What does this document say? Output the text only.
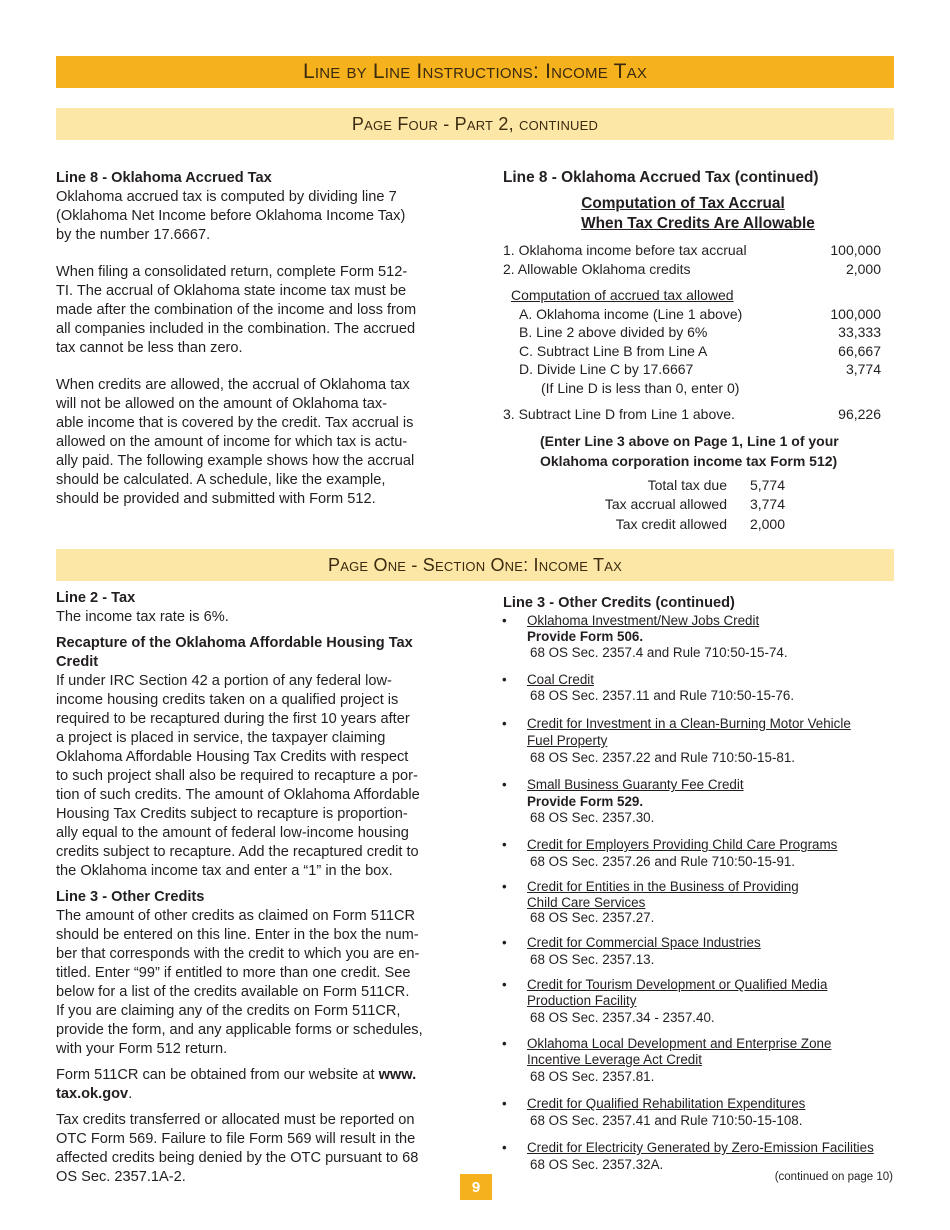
Line by Line Instructions: Income Tax
Page Four - Part 2, continued
Page One - Section One: Income Tax

Line 8 - Oklahoma Accrued Tax

Oklahoma accrued tax is computed by dividing line 7

(Oklahoma Net Income before Oklahoma Income Tax)

by the number 17.6667.

When filing a consolidated return, complete Form 512-

TI. The accrual of Oklahoma state income tax must be

made after the combination of the income and loss from

all companies included in the combination. The accrued

tax cannot be less than zero.

When credits are allowed, the accrual of Oklahoma tax

will not be allowed on the amount of Oklahoma tax-

able income that is covered by the credit. Tax accrual is

allowed on the amount of income for which tax is actu-

ally paid. The following example shows how the accrual

should be calculated. A schedule, like the example,

should be provided and submitted with Form 512.

Line 8 - Oklahoma Accrued Tax (continued)
Computation of Tax Accrual
When Tax Credits Are Allowable
1. Oklahoma income before tax accrual	100,000
2. Allowable Oklahoma credits	2,000
Computation of accrued tax allowed
A. Oklahoma income (Line 1 above)	100,000
B. Line 2 above divided by 6%	33,333
C. Subtract Line B from Line A	66,667
D. Divide Line C by 17.6667	3,774
(If Line D is less than 0, enter 0)
3. Subtract Line D from Line 1 above.	96,226
(Enter Line 3 above on Page 1, Line 1 of your
Oklahoma corporation income tax Form 512)
Total tax due	5,774
Tax accrual allowed	3,774
Tax credit allowed	2,000

Line 2 - Tax

The income tax rate is 6%.

Recapture of the Oklahoma Affordable Housing Tax

Credit

If under IRC Section 42 a portion of any federal low-

income housing credits taken on a qualified project is

required to be recaptured during the first 10 years after

a project is placed in service, the taxpayer claiming

Oklahoma Affordable Housing Tax Credits with respect

to such project shall also be required to recapture a por-

tion of such credits. The amount of Oklahoma Affordable

Housing Tax Credits subject to recapture is proportion-

ally equal to the amount of federal low-income housing

credits subject to recapture. Add the recaptured credit to

the Oklahoma income tax and enter a “1” in the box.

Line 3 - Other Credits

The amount of other credits as claimed on Form 511CR

should be entered on this line. Enter in the box the num-

ber that corresponds with the credit to which you are en-

titled. Enter “99” if entitled to more than one credit. See

below for a list of the credits available on Form 511CR.

If you are claiming any of the credits on Form 511CR,

provide the form, and any applicable forms or schedules,

with your Form 512 return.

Form 511CR can be obtained from our website at www.

tax.ok.gov.

Tax credits transferred or allocated must be reported on

OTC Form 569. Failure to file Form 569 will result in the

affected credits being denied by the OTC pursuant to 68

OS Sec. 2357.1A-2.

Line 3 - Other Credits (continued)
• Oklahoma Investment/New Jobs Credit
Provide Form 506.
68 OS Sec. 2357.4 and Rule 710:50-15-74.
• Coal Credit
68 OS Sec. 2357.11 and Rule 710:50-15-76.
• Credit for Investment in a Clean-Burning Motor Vehicle
Fuel Property
68 OS Sec. 2357.22 and Rule 710:50-15-81.
• Small Business Guaranty Fee Credit
Provide Form 529.
68 OS Sec. 2357.30.
• Credit for Employers Providing Child Care Programs
68 OS Sec. 2357.26 and Rule 710:50-15-91.
• Credit for Entities in the Business of Providing
Child Care Services
68 OS Sec. 2357.27.
• Credit for Commercial Space Industries
68 OS Sec. 2357.13.
• Credit for Tourism Development or Qualified Media
Production Facility
68 OS Sec. 2357.34 - 2357.40.
• Oklahoma Local Development and Enterprise Zone
Incentive Leverage Act Credit
68 OS Sec. 2357.81.
• Credit for Qualified Rehabilitation Expenditures
68 OS Sec. 2357.41 and Rule 710:50-15-108.
• Credit for Electricity Generated by Zero-Emission Facilities
68 OS Sec. 2357.32A.
(continued on page 10)
9
